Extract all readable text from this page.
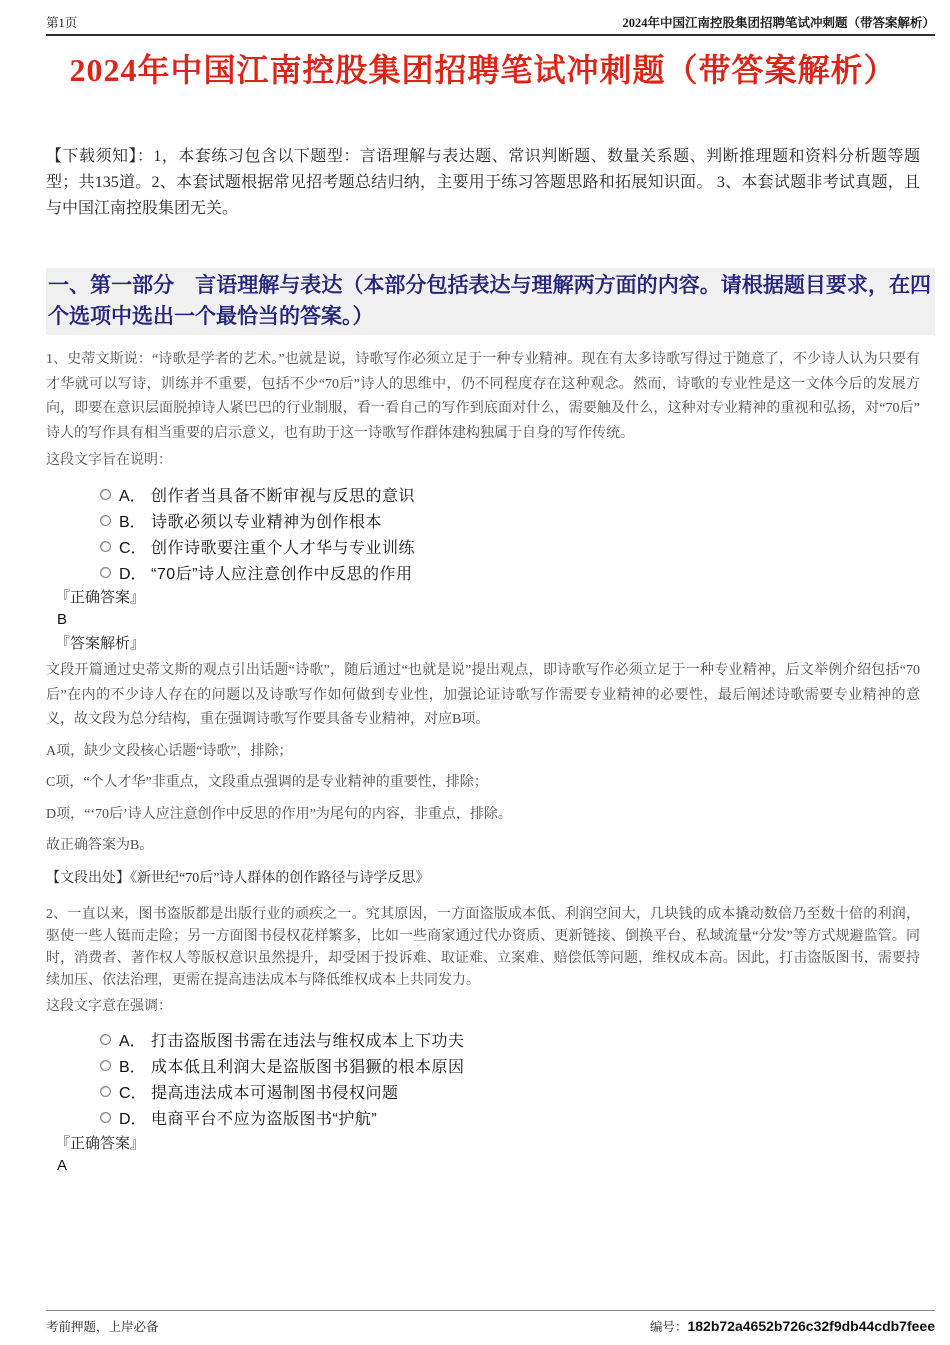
第1页	2024年中国江南控股集团招聘笔试冲刺题（带答案解析）
2024年中国江南控股集团招聘笔试冲刺题（带答案解析）

【下载须知】：1，本套练习包含以下题型：言语理解与表达题、常识判断题、数量关系题、判断推理题和资料分析题等题型；共135道。2、本套试题根据常见招考题总结归纳，主要用于练习答题思路和拓展知识面。 3、本套试题非考试真题，且与中国江南控股集团无关。

一、第一部分　言语理解与表达（本部分包括表达与理解两方面的内容。请根据题目要求，在四个选项中选出一个最恰当的答案。）

1、史蒂文斯说：“诗歌是学者的艺术。”也就是说，诗歌写作必须立足于一种专业精神。现在有太多诗歌写得过于随意了，不少诗人认为只要有才华就可以写诗，训练并不重要，包括不少“70后”诗人的思维中，仍不同程度存在这种观念。然而，诗歌的专业性是这一文体今后的发展方向，即要在意识层面脱掉诗人紧巴巴的行业制服，看一看自己的写作到底面对什么，需要触及什么，这种对专业精神的重视和弘扬，对“70后”诗人的写作具有相当重要的启示意义，也有助于这一诗歌写作群体建构独属于自身的写作传统。

这段文字旨在说明：

A． 创作者当具备不断审视与反思的意识
B． 诗歌必须以专业精神为创作根本
C． 创作诗歌要注重个人才华与专业训练
D． “70后”诗人应注意创作中反思的作用

『正确答案』

B

『答案解析』

文段开篇通过史蒂文斯的观点引出话题“诗歌”，随后通过“也就是说”提出观点，即诗歌写作必须立足于一种专业精神，后文举例介绍包括“70后”在内的不少诗人存在的问题以及诗歌写作如何做到专业性，加强论证诗歌写作需要专业精神的必要性，最后阐述诗歌需要专业精神的意义，故文段为总分结构，重在强调诗歌写作要具备专业精神，对应B项。

A项，缺少文段核心话题“诗歌”，排除；

C项，“个人才华”非重点，文段重点强调的是专业精神的重要性，排除；

D项，“‘70后’诗人应注意创作中反思的作用”为尾句的内容，非重点，排除。

故正确答案为B。

【文段出处】《新世纪“70后”诗人群体的创作路径与诗学反思》

2、一直以来，图书盗版都是出版行业的顽疾之一。究其原因，一方面盗版成本低、利润空间大，几块钱的成本撬动数倍乃至数十倍的利润，驱使一些人铤而走险；另一方面图书侵权花样繁多，比如一些商家通过代办资质、更新链接、倒换平台、私域流量“分发”等方式规避监管。同时，消费者、著作权人等版权意识虽然提升，却受困于投诉难、取证难、立案难、赔偿低等问题，维权成本高。因此，打击盗版图书，需要持续加压、依法治理，更需在提高违法成本与降低维权成本上共同发力。

这段文字意在强调：

A． 打击盗版图书需在违法与维权成本上下功夫
B． 成本低且利润大是盗版图书猖獗的根本原因
C． 提高违法成本可遏制图书侵权问题
D． 电商平台不应为盗版图书“护航”

『正确答案』

A

考前押题，上岸必备	编号：182b72a4652b726c32f9db44cdb7feee
